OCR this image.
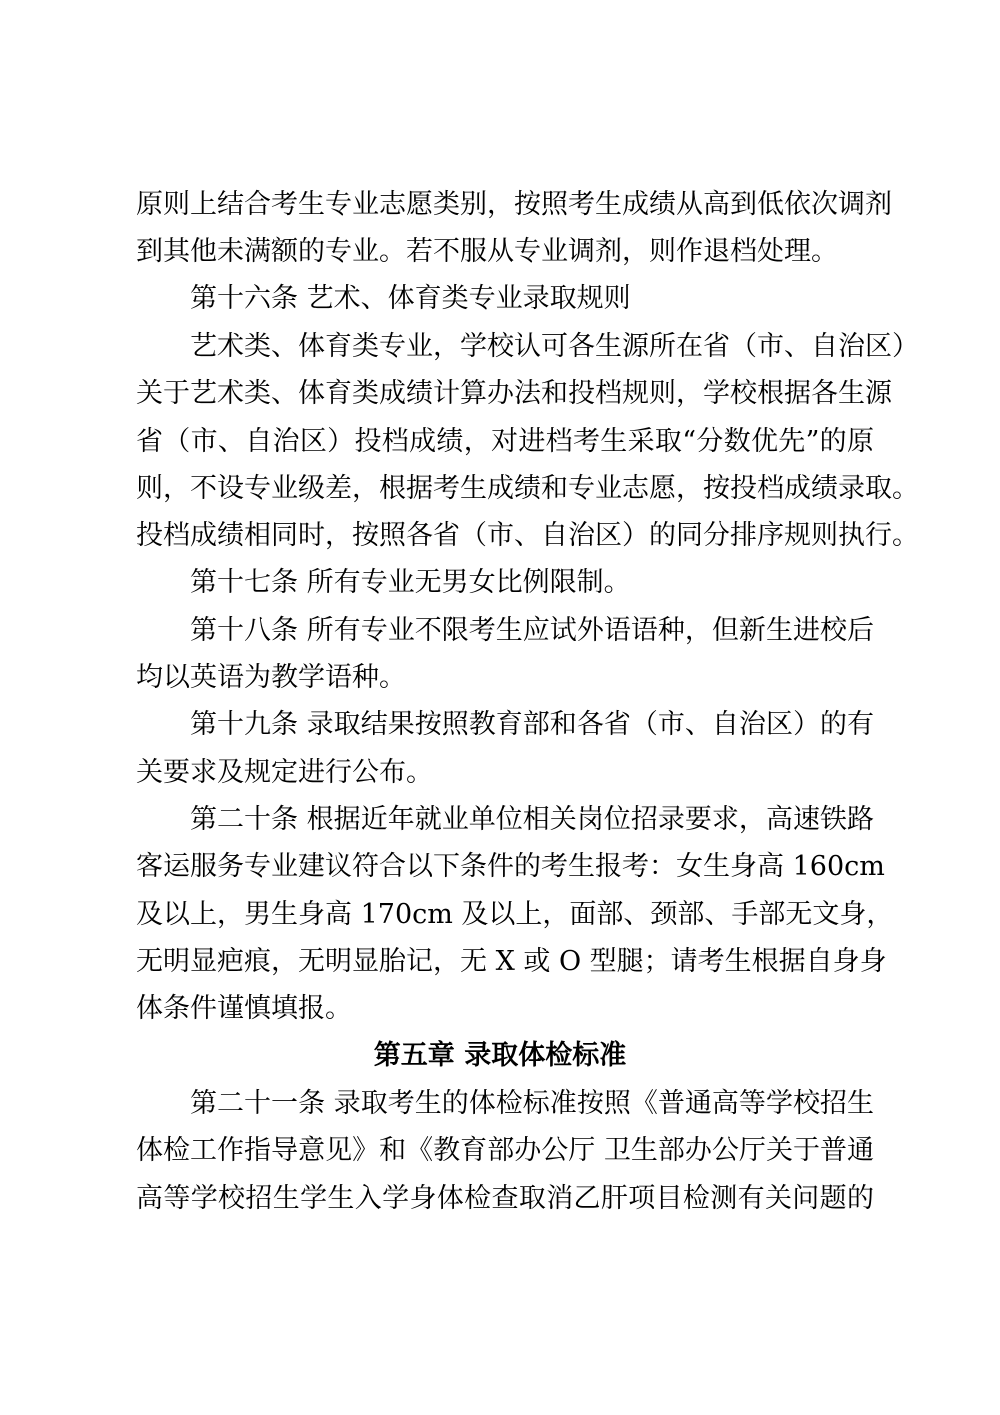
原则上结合考生专业志愿类别，按照考生成绩从高到低依次调剂
到其他未满额的专业。若不服从专业调剂，则作退档处理。
第十六条 艺术、体育类专业录取规则
艺术类、体育类专业，学校认可各生源所在省（市、自治区）
关于艺术类、体育类成绩计算办法和投档规则，学校根据各生源
省（市、自治区）投档成绩，对进档考生采取“分数优先”的原
则，不设专业级差，根据考生成绩和专业志愿，按投档成绩录取。
投档成绩相同时，按照各省（市、自治区）的同分排序规则执行。
第十七条 所有专业无男女比例限制。
第十八条 所有专业不限考生应试外语语种，但新生进校后
均以英语为教学语种。
第十九条 录取结果按照教育部和各省（市、自治区）的有
关要求及规定进行公布。
第二十条 根据近年就业单位相关岗位招录要求，高速铁路
客运服务专业建议符合以下条件的考生报考：女生身高 160cm
及以上，男生身高 170cm 及以上，面部、颈部、手部无文身，
无明显疤痕，无明显胎记，无 X 或 O 型腿；请考生根据自身身
体条件谨慎填报。
第五章 录取体检标准
第二十一条 录取考生的体检标准按照《普通高等学校招生
体检工作指导意见》和《教育部办公厅 卫生部办公厅关于普通
高等学校招生学生入学身体检查取消乙肝项目检测有关问题的
